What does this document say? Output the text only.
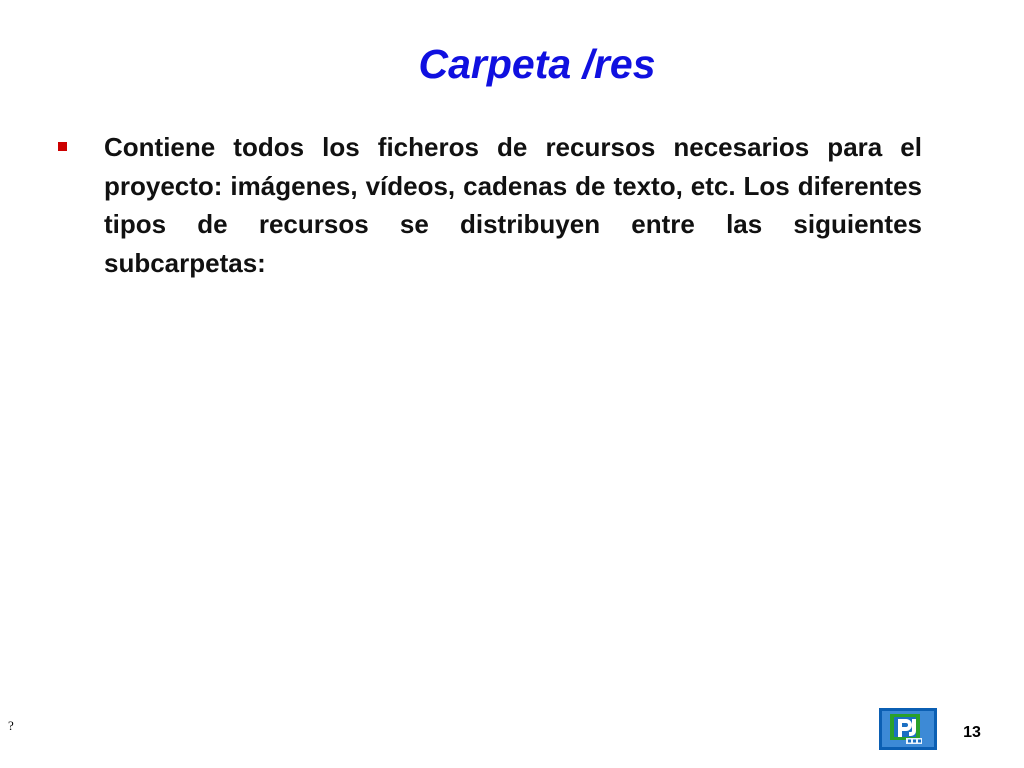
Carpeta /res
Contiene todos los ficheros de recursos necesarios para el proyecto: imágenes, vídeos, cadenas de texto, etc. Los diferentes tipos de recursos se distribuyen entre las siguientes subcarpetas:
?	13
